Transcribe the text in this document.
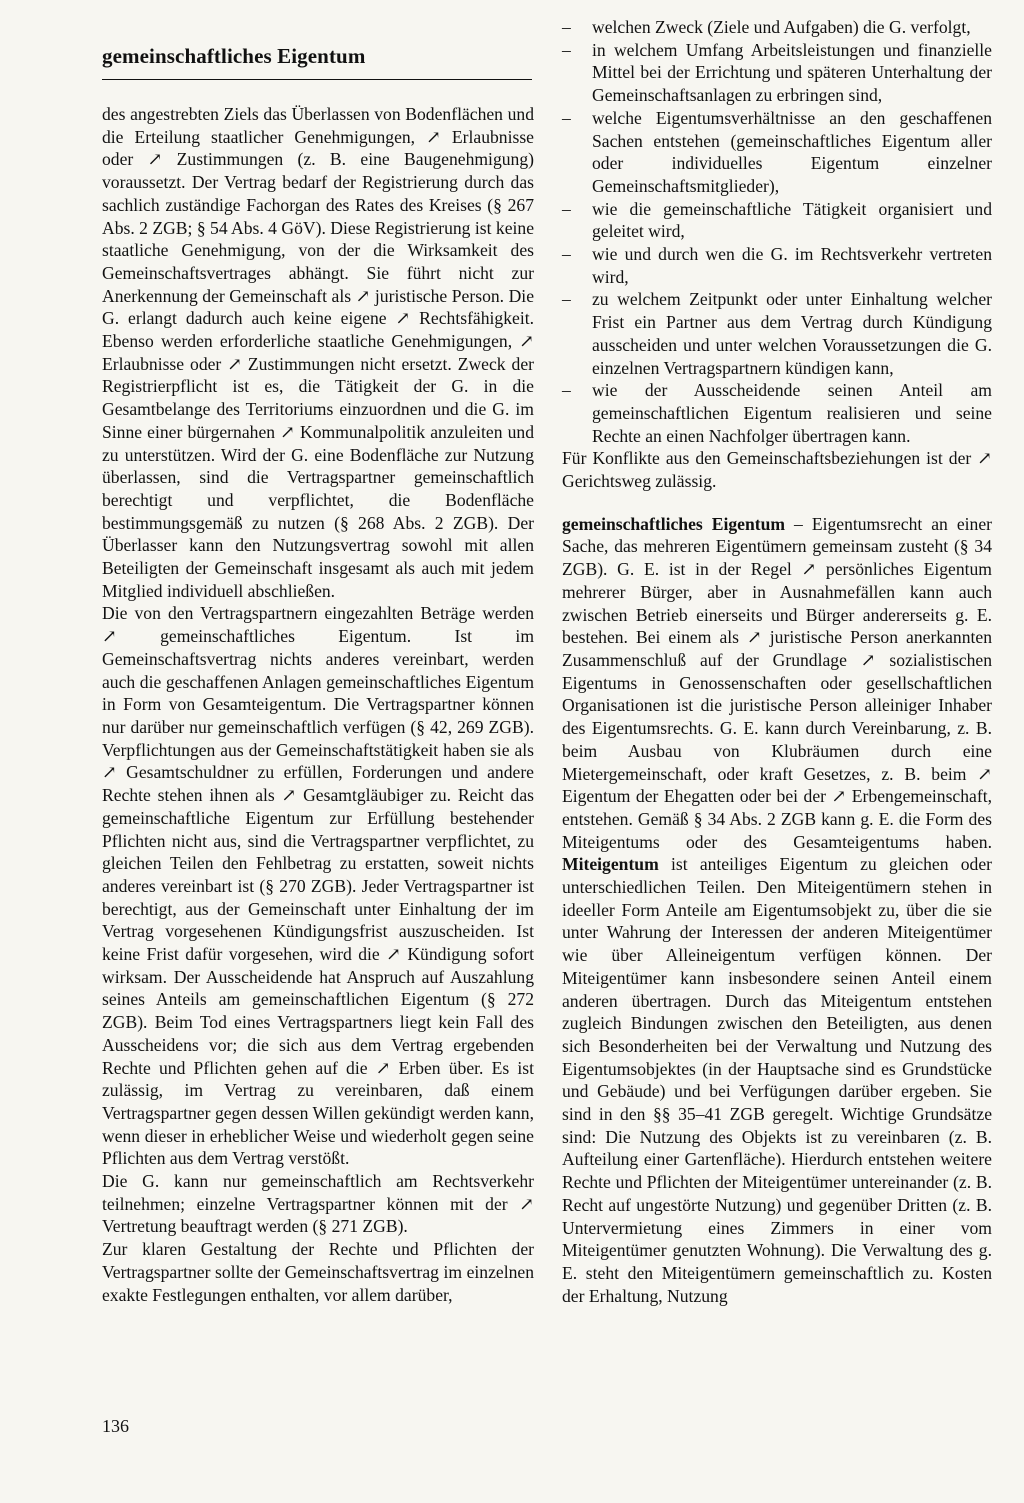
gemeinschaftliches Eigentum

des angestrebten Ziels das Überlassen von Bodenflächen und die Erteilung staatlicher Genehmigungen, ↗ Erlaubnisse oder ↗ Zustimmungen (z. B. eine Baugenehmigung) voraussetzt. Der Vertrag bedarf der Registrierung durch das sachlich zuständige Fachorgan des Rates des Kreises (§ 267 Abs. 2 ZGB; § 54 Abs. 4 GöV). Diese Registrierung ist keine staatliche Genehmigung, von der die Wirksamkeit des Gemeinschaftsvertrages abhängt. Sie führt nicht zur Anerkennung der Gemeinschaft als ↗ juristische Person. Die G. erlangt dadurch auch keine eigene ↗ Rechtsfähigkeit. Ebenso werden erforderliche staatliche Genehmigungen, ↗ Erlaubnisse oder ↗ Zustimmungen nicht ersetzt. Zweck der Registrierpflicht ist es, die Tätigkeit der G. in die Gesamtbelange des Territoriums einzuordnen und die G. im Sinne einer bürgernahen ↗ Kommunalpolitik anzuleiten und zu unterstützen. Wird der G. eine Bodenfläche zur Nutzung überlassen, sind die Vertragspartner gemeinschaftlich berechtigt und verpflichtet, die Bodenfläche bestimmungsgemäß zu nutzen (§ 268 Abs. 2 ZGB). Der Überlasser kann den Nutzungsvertrag sowohl mit allen Beteiligten der Gemeinschaft insgesamt als auch mit jedem Mitglied individuell abschließen.

Die von den Vertragspartnern eingezahlten Beträge werden ↗ gemeinschaftliches Eigentum. Ist im Gemeinschaftsvertrag nichts anderes vereinbart, werden auch die geschaffenen Anlagen gemeinschaftliches Eigentum in Form von Gesamteigentum. Die Vertragspartner können nur darüber nur gemeinschaftlich verfügen (§ 42, 269 ZGB). Verpflichtungen aus der Gemeinschaftstätigkeit haben sie als ↗ Gesamtschuldner zu erfüllen, Forderungen und andere Rechte stehen ihnen als ↗ Gesamtgläubiger zu. Reicht das gemeinschaftliche Eigentum zur Erfüllung bestehender Pflichten nicht aus, sind die Vertragspartner verpflichtet, zu gleichen Teilen den Fehlbetrag zu erstatten, soweit nichts anderes vereinbart ist (§ 270 ZGB). Jeder Vertragspartner ist berechtigt, aus der Gemeinschaft unter Einhaltung der im Vertrag vorgesehenen Kündigungsfrist auszuscheiden. Ist keine Frist dafür vorgesehen, wird die ↗ Kündigung sofort wirksam. Der Ausscheidende hat Anspruch auf Auszahlung seines Anteils am gemeinschaftlichen Eigentum (§ 272 ZGB). Beim Tod eines Vertragspartners liegt kein Fall des Ausscheidens vor; die sich aus dem Vertrag ergebenden Rechte und Pflichten gehen auf die ↗ Erben über. Es ist zulässig, im Vertrag zu vereinbaren, daß einem Vertragspartner gegen dessen Willen gekündigt werden kann, wenn dieser in erheblicher Weise und wiederholt gegen seine Pflichten aus dem Vertrag verstößt.

Die G. kann nur gemeinschaftlich am Rechtsverkehr teilnehmen; einzelne Vertragspartner können mit der ↗ Vertretung beauftragt werden (§ 271 ZGB).

Zur klaren Gestaltung der Rechte und Pflichten der Vertragspartner sollte der Gemeinschaftsvertrag im einzelnen exakte Festlegungen enthalten, vor allem darüber,

–	welchen Zweck (Ziele und Aufgaben) die G. verfolgt,
–	in welchem Umfang Arbeitsleistungen und finanzielle Mittel bei der Errichtung und späteren Unterhaltung der Gemeinschaftsanlagen zu erbringen sind,
–	welche Eigentumsverhältnisse an den geschaffenen Sachen entstehen (gemeinschaftliches Eigentum aller oder individuelles Eigentum einzelner Gemeinschaftsmitglieder),
–	wie die gemeinschaftliche Tätigkeit organisiert und geleitet wird,
–	wie und durch wen die G. im Rechtsverkehr vertreten wird,
–	zu welchem Zeitpunkt oder unter Einhaltung welcher Frist ein Partner aus dem Vertrag durch Kündigung ausscheiden und unter welchen Voraussetzungen die G. einzelnen Vertragspartnern kündigen kann,
–	wie der Ausscheidende seinen Anteil am gemeinschaftlichen Eigentum realisieren und seine Rechte an einen Nachfolger übertragen kann.

Für Konflikte aus den Gemeinschaftsbeziehungen ist der ↗ Gerichtsweg zulässig.

gemeinschaftliches Eigentum – Eigentumsrecht an einer Sache, das mehreren Eigentümern gemeinsam zusteht (§ 34 ZGB). G. E. ist in der Regel ↗ persönliches Eigentum mehrerer Bürger, aber in Ausnahmefällen kann auch zwischen Betrieb einerseits und Bürger andererseits g. E. bestehen. Bei einem als ↗ juristische Person anerkannten Zusammenschluß auf der Grundlage ↗ sozialistischen Eigentums in Genossenschaften oder gesellschaftlichen Organisationen ist die juristische Person alleiniger Inhaber des Eigentumsrechts. G. E. kann durch Vereinbarung, z. B. beim Ausbau von Klubräumen durch eine Mietergemeinschaft, oder kraft Gesetzes, z. B. beim ↗ Eigentum der Ehegatten oder bei der ↗ Erbengemeinschaft, entstehen. Gemäß § 34 Abs. 2 ZGB kann g. E. die Form des Miteigentums oder des Gesamteigentums haben. Miteigentum ist anteiliges Eigentum zu gleichen oder unterschiedlichen Teilen. Den Miteigentümern stehen in ideeller Form Anteile am Eigentumsobjekt zu, über die sie unter Wahrung der Interessen der anderen Miteigentümer wie über Alleineigentum verfügen können. Der Miteigentümer kann insbesondere seinen Anteil einem anderen übertragen. Durch das Miteigentum entstehen zugleich Bindungen zwischen den Beteiligten, aus denen sich Besonderheiten bei der Verwaltung und Nutzung des Eigentumsobjektes (in der Hauptsache sind es Grundstücke und Gebäude) und bei Verfügungen darüber ergeben. Sie sind in den §§ 35–41 ZGB geregelt. Wichtige Grundsätze sind: Die Nutzung des Objekts ist zu vereinbaren (z. B. Aufteilung einer Gartenfläche). Hierdurch entstehen weitere Rechte und Pflichten der Miteigentümer untereinander (z. B. Recht auf ungestörte Nutzung) und gegenüber Dritten (z. B. Untervermietung eines Zimmers in einer vom Miteigentümer genutzten Wohnung). Die Verwaltung des g. E. steht den Miteigentümern gemeinschaftlich zu. Kosten der Erhaltung, Nutzung

136
